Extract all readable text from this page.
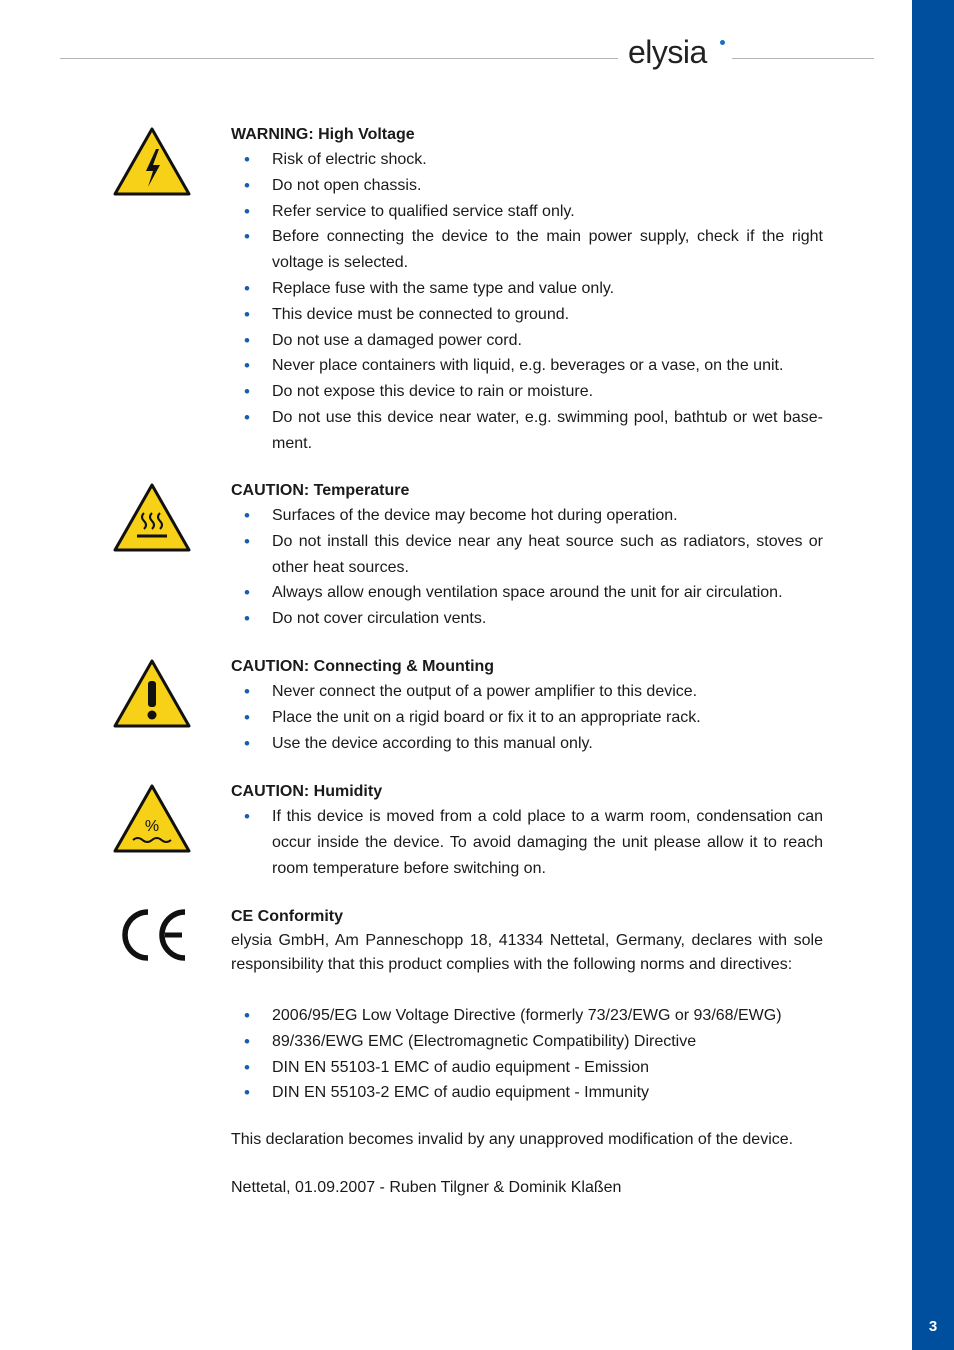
3
elysia
%
WARNING: High Voltage
• Risk of electric shock.
• Do not open chassis.
• Refer service to qualified service staff only.
• Before connecting the device to the main power supply, check if the right voltage is selected.
• Replace fuse with the same type and value only.
• This device must be connected to ground.
• Do not use a damaged power cord.
• Never place containers with liquid, e.g. beverages or a vase, on the unit.
• Do not expose this device to rain or moisture.
• Do not use this device near water, e.g. swimming pool, bathtub or wet base-ment.
CAUTION: Temperature
• Surfaces of the device may become hot during operation.
• Do not install this device near any heat source such as radiators, stoves or other heat sources.
• Always allow enough ventilation space around the unit for air circulation.
• Do not cover circulation vents.
CAUTION: Connecting & Mounting
• Never connect the output of a power amplifier to this device.
• Place the unit on a rigid board or fix it to an appropriate rack.
• Use the device according to this manual only.
CAUTION: Humidity
• If this device is moved from a cold place to a warm room, condensation can occur inside the device. To avoid damaging the unit please allow it to reach room temperature before switching on.
CE Conformity
elysia GmbH, Am Panneschopp 18, 41334 Nettetal, Germany, declares with sole responsibility that this product complies with the following norms and directives:
• 2006/95/EG Low Voltage Directive (formerly 73/23/EWG or 93/68/EWG)
• 89/336/EWG EMC (Electromagnetic Compatibility) Directive
• DIN EN 55103-1 EMC of audio equipment - Emission
• DIN EN 55103-2 EMC of audio equipment - Immunity
This declaration becomes invalid by any unapproved modification of the device.
Nettetal, 01.09.2007 - Ruben Tilgner & Dominik Klaßen
